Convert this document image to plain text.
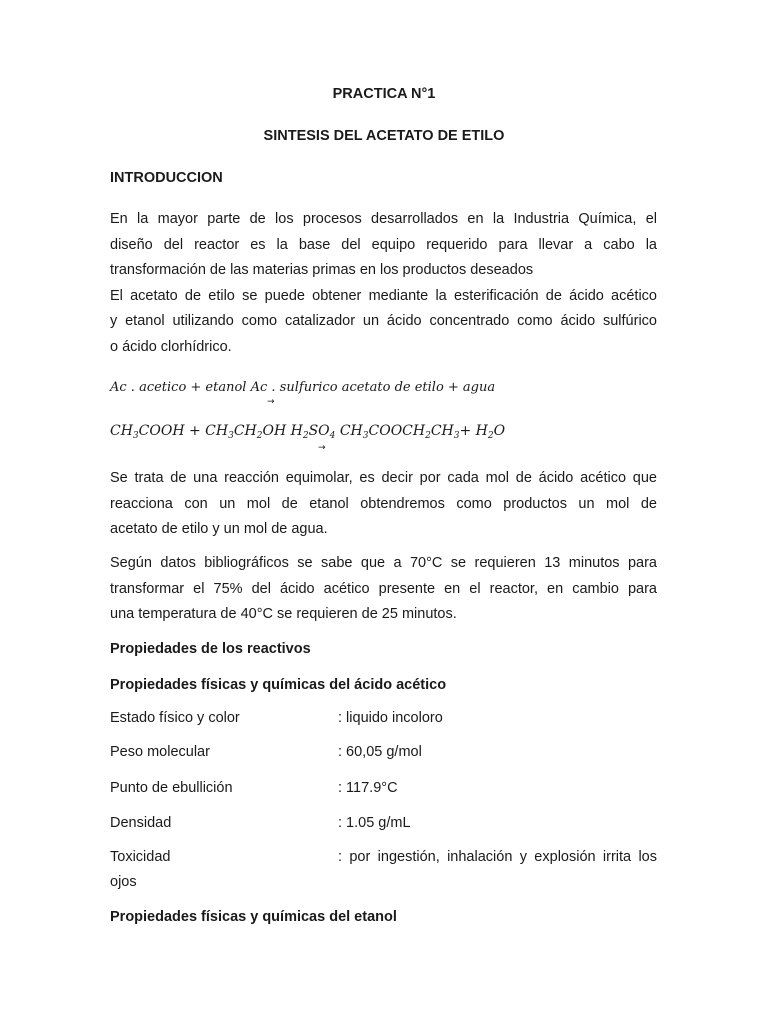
PRACTICA N°1

SINTESIS DEL ACETATO DE ETILO

INTRODUCCION

En la mayor parte de los procesos desarrollados en la Industria Química, el
diseño del reactor es la base del equipo requerido para llevar a cabo la
transformación de las materias primas en los productos deseados
El acetato de etilo se puede obtener mediante la esterificación de ácido acético
y etanol utilizando como catalizador un ácido concentrado como ácido sulfúrico
o ácido clorhídrico.

Ac . acetico + etanol Ac . sulfurico acetato de etilo + agua

→

$CH_3COOH + CH_3CH_2OH$ $H_2SO_4$ $CH_3COOCH_2CH_3+ H_2O$

→
Se trata de una reacción equimolar, es decir por cada mol de ácido acético que
reacciona con un mol de etanol obtendremos como productos un mol de
acetato de etilo y un mol de agua.
Según datos bibliográficos se sabe que a 70°C se requieren 13 minutos para
transformar el 75% del ácido acético presente en el reactor, en cambio para
una temperatura de 40°C se requieren de 25 minutos.

Propiedades de los reactivos

Propiedades físicas y químicas del ácido acético

Estado físico y color	: liquido incoloro
Peso molecular	: 60,05 g/mol
Punto de ebullición	: 117.9°C
Densidad	: 1.05 g/mL
Toxicidad	: por ingestión, inhalación y explosión irrita los
ojos

Propiedades físicas y químicas del etanol
